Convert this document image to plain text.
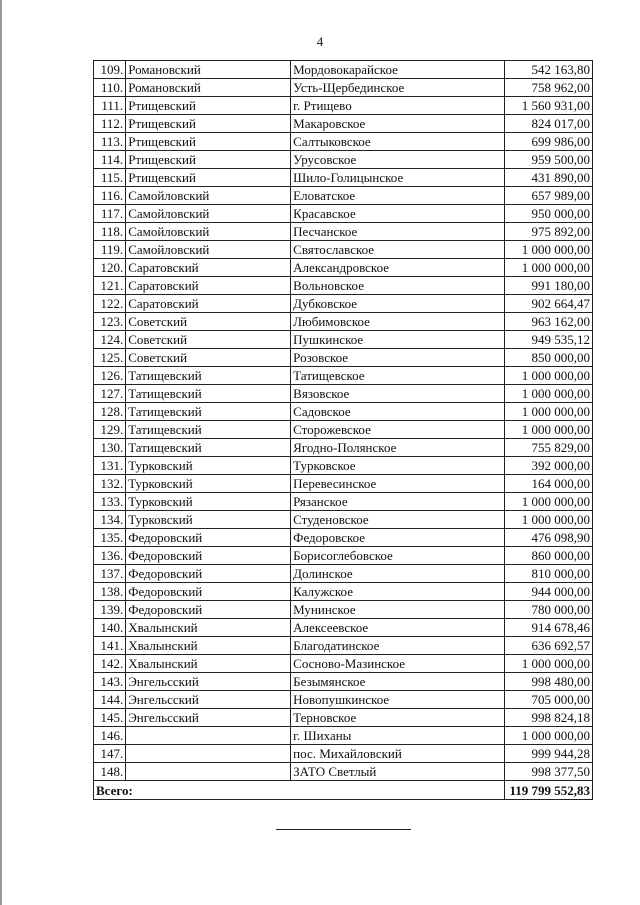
4
109.	Романовский	Мордовокарайское	542 163,80
110.	Романовский	Усть-Щербединское	758 962,00
111.	Ртищевский	г. Ртищево	1 560 931,00
112.	Ртищевский	Макаровское	824 017,00
113.	Ртищевский	Салтыковское	699 986,00
114.	Ртищевский	Урусовское	959 500,00
115.	Ртищевский	Шило-Голицынское	431 890,00
116.	Самойловский	Еловатское	657 989,00
117.	Самойловский	Красавское	950 000,00
118.	Самойловский	Песчанское	975 892,00
119.	Самойловский	Святославское	1 000 000,00
120.	Саратовский	Александровское	1 000 000,00
121.	Саратовский	Вольновское	991 180,00
122.	Саратовский	Дубковское	902 664,47
123.	Советский	Любимовское	963 162,00
124.	Советский	Пушкинское	949 535,12
125.	Советский	Розовское	850 000,00
126.	Татищевский	Татищевское	1 000 000,00
127.	Татищевский	Вязовское	1 000 000,00
128.	Татищевский	Садовское	1 000 000,00
129.	Татищевский	Сторожевское	1 000 000,00
130.	Татищевский	Ягодно-Полянское	755 829,00
131.	Турковский	Турковское	392 000,00
132.	Турковский	Перевесинское	164 000,00
133.	Турковский	Рязанское	1 000 000,00
134.	Турковский	Студеновское	1 000 000,00
135.	Федоровский	Федоровское	476 098,90
136.	Федоровский	Борисоглебовское	860 000,00
137.	Федоровский	Долинское	810 000,00
138.	Федоровский	Калужское	944 000,00
139.	Федоровский	Мунинское	780 000,00
140.	Хвалынский	Алексеевское	914 678,46
141.	Хвалынский	Благодатинское	636 692,57
142.	Хвалынский	Сосново-Мазинское	1 000 000,00
143.	Энгельсский	Безымянское	998 480,00
144.	Энгельсский	Новопушкинское	705 000,00
145.	Энгельсский	Терновское	998 824,18
146.		г. Шиханы	1 000 000,00
147.		пос. Михайловский	999 944,28
148.		ЗАТО Светлый	998 377,50
Всего:			119 799 552,83
